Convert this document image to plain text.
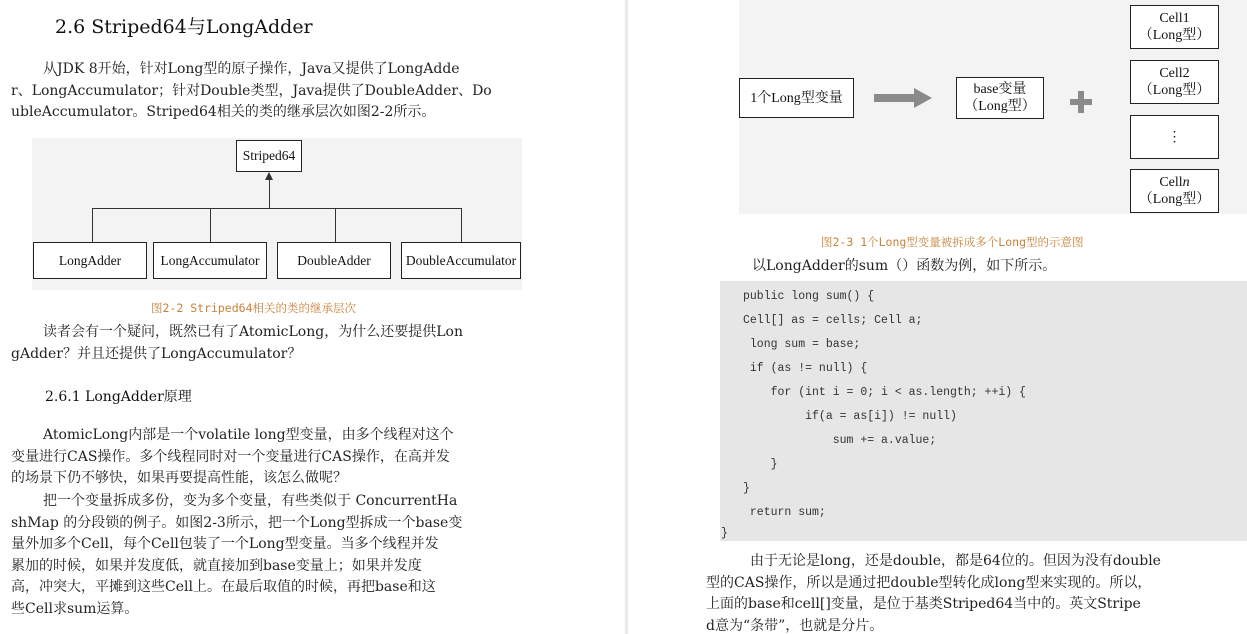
2.6 Striped64与LongAdder
从JDK 8开始，针对Long型的原子操作，Java又提供了LongAdde
r、LongAccumulator；针对Double类型，Java提供了DoubleAdder、Do
ubleAccumulator。Striped64相关的类的继承层次如图2-2所示。
Striped64
LongAdder	LongAccumulator	DoubleAdder	DoubleAccumulator
图2-2 Striped64相关的类的继承层次
读者会有一个疑问，既然已有了AtomicLong，为什么还要提供Lon
gAdder？并且还提供了LongAccumulator？
2.6.1 LongAdder原理
AtomicLong内部是一个volatile long型变量，由多个线程对这个
变量进行CAS操作。多个线程同时对一个变量进行CAS操作，在高并发
的场景下仍不够快，如果再要提高性能，该怎么做呢？
把一个变量拆成多份，变为多个变量，有些类似于 ConcurrentHa
shMap 的分段锁的例子。如图2-3所示，把一个Long型拆成一个base变
量外加多个Cell，每个Cell包装了一个Long型变量。当多个线程并发
累加的时候，如果并发度低，就直接加到base变量上；如果并发度
高，冲突大，平摊到这些Cell上。在最后取值的时候，再把base和这
些Cell求sum运算。
1个Long型变量
base变量
（Long型）
Cell1
（Long型）
Cell2
（Long型）
⋮
Celln
（Long型）
图2-3 1个Long型变量被拆成多个Long型的示意图
以LongAdder的sum（）函数为例，如下所示。
public long sum() {
Cell[] as = cells; Cell a;
long sum = base;
if (as != null) {
for (int i = 0; i < as.length; ++i) {
if(a = as[i]) != null)
sum += a.value;
}
}
return sum;
}
由于无论是long，还是double，都是64位的。但因为没有double
型的CAS操作，所以是通过把double型转化成long型来实现的。所以，
上面的base和cell[]变量，是位于基类Striped64当中的。英文Stripe
d意为“条带”，也就是分片。
